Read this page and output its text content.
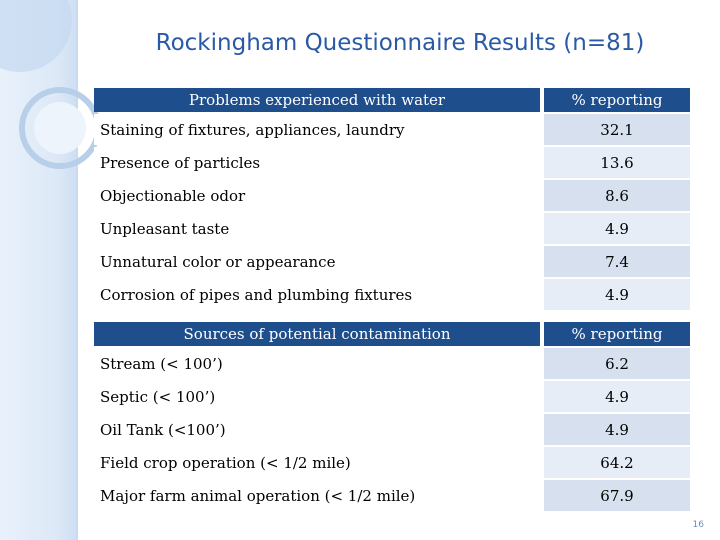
Rockingham Questionnaire Results (n=81)
Problems experienced with water	% reporting
Staining of fixtures, appliances, laundry	32.1
Presence of particles	13.6
Objectionable odor	8.6
Unpleasant taste	4.9
Unnatural color or appearance	7.4
Corrosion of pipes and plumbing fixtures	4.9
Sources of potential contamination	% reporting
Stream (< 100’)	6.2
Septic (< 100’)	4.9
Oil Tank (<100’)	4.9
Field crop operation (< 1/2 mile)	64.2
Major farm animal operation (< 1/2 mile)	67.9
16
